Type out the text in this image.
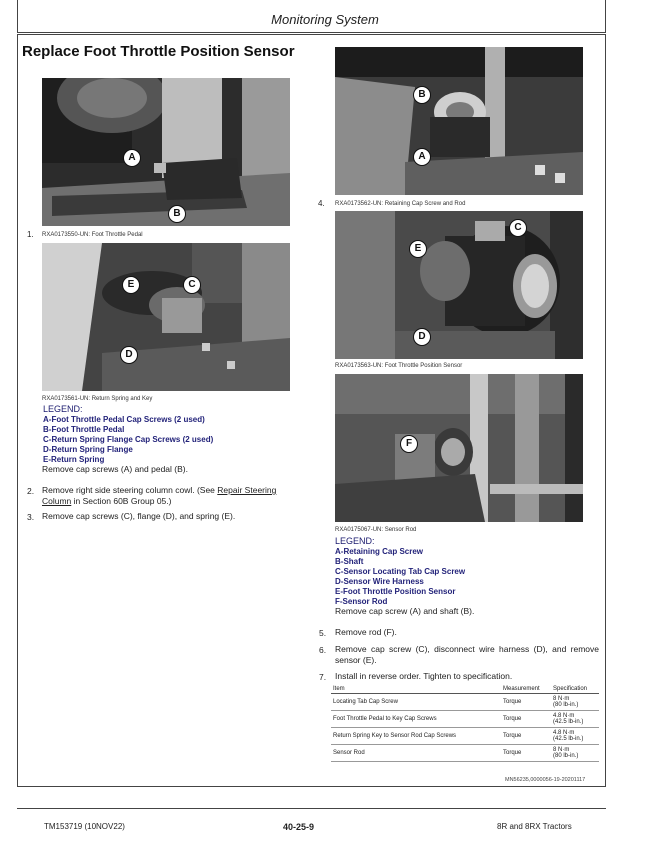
Monitoring System
Replace Foot Throttle Position Sensor
A
B
1. RXA0173550-UN: Foot Throttle Pedal
E	C
D
RXA0173561-UN: Return Spring and Key
LEGEND:
A-Foot Throttle Pedal Cap Screws (2 used)
B-Foot Throttle Pedal
C-Return Spring Flange Cap Screws (2 used)
D-Return Spring Flange
E-Return Spring
Remove cap screws (A) and pedal (B).
2. Remove right side steering column cowl. (See Repair Steering
Column in Section 60B Group 05.)
3. Remove cap screws (C), flange (D), and spring (E).
B
A
4. RXA0173562-UN: Retaining Cap Screw and Rod
C
E
D
RXA0173563-UN: Foot Throttle Position Sensor
F
RXA0175067-UN: Sensor Rod
LEGEND:
A-Retaining Cap Screw
B-Shaft
C-Sensor Locating Tab Cap Screw
D-Sensor Wire Harness
E-Foot Throttle Position Sensor
F-Sensor Rod
Remove cap screw (A) and shaft (B).
5. Remove rod (F).
6. Remove cap screw (C), disconnect wire harness (D), and remove sensor (E).
7. Install in reverse order. Tighten to specification.
Item	Measurement	Specification
Locating Tab Cap Screw	Torque	8 N·m
(80 lb-in.)

Foot Throttle Pedal to Key Cap Screws	Torque	4.8 N·m
(42.5 lb-in.)

Return Spring Key to Sensor Rod Cap Screws	Torque	4.8 N·m
(42.5 lb-in.)

Sensor Rod	Torque	8 N·m
(80 lb-in.)
MN56235,0000056-19-20201117
TM153719 (10NOV22)	40-25-9	8R and 8RX Tractors
